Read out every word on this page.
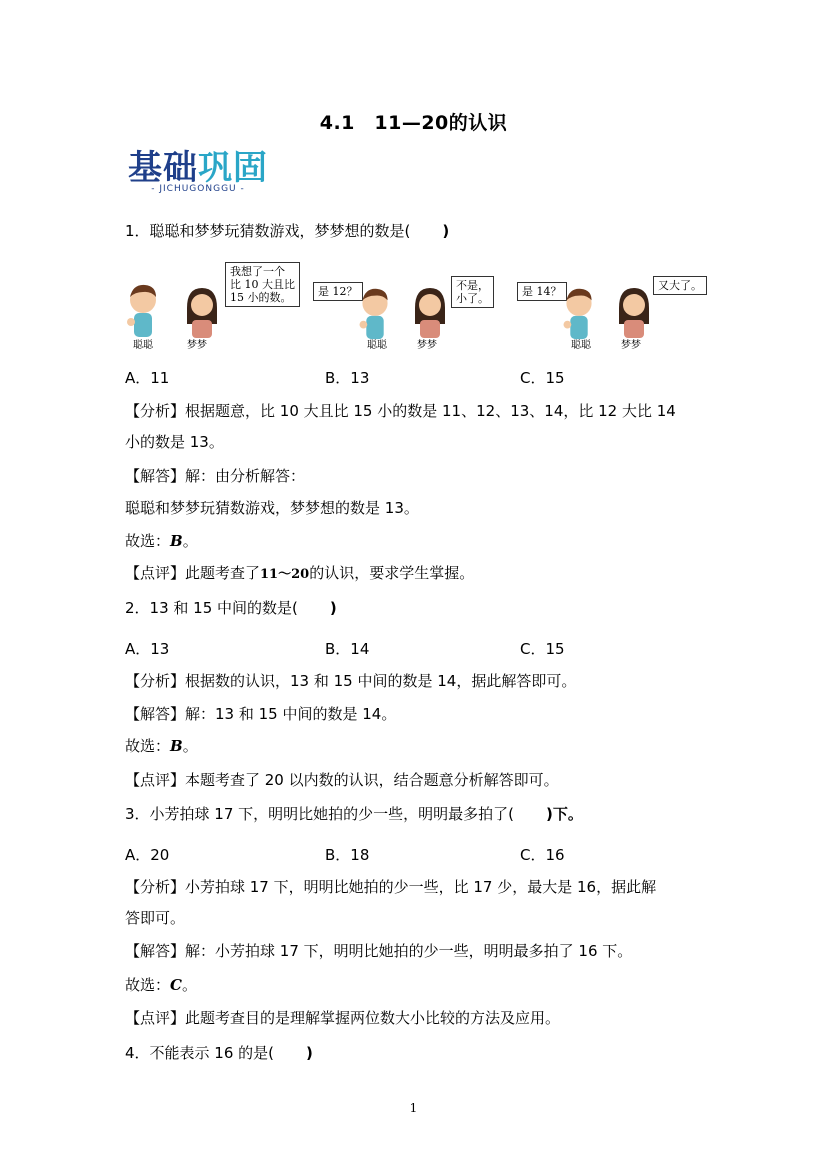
4.1　11—20的认识
基础巩固
- JICHUGONGGU -
1．聪聪和梦梦玩猜数游戏，梦梦想的数是( )
聪聪	梦梦
我想了一个
比 10 大且比
15 小的数。	是 12？
聪聪	梦梦
不是，
小了。
是 14？
聪聪	梦梦
又大了。
A．11	B．13	C．15
【分析】根据题意，比 10 大且比 15 小的数是 11、12、13、14，比 12 大比 14
小的数是 13。
【解答】解：由分析解答：
聪聪和梦梦玩猜数游戏，梦梦想的数是 13。
故选：B。
【点评】此题考查了11～20的认识，要求学生掌握。
2．13 和 15 中间的数是( )
A．13	B．14	C．15
【分析】根据数的认识，13 和 15 中间的数是 14，据此解答即可。
【解答】解：13 和 15 中间的数是 14。
故选：B。
【点评】本题考查了 20 以内数的认识，结合题意分析解答即可。
3．小芳拍球 17 下，明明比她拍的少一些，明明最多拍了( )下。
A．20	B．18	C．16
【分析】小芳拍球 17 下，明明比她拍的少一些，比 17 少，最大是 16，据此解
答即可。
【解答】解：小芳拍球 17 下，明明比她拍的少一些，明明最多拍了 16 下。
故选：C。
【点评】此题考查目的是理解掌握两位数大小比较的方法及应用。
4．不能表示 16 的是( )
1
